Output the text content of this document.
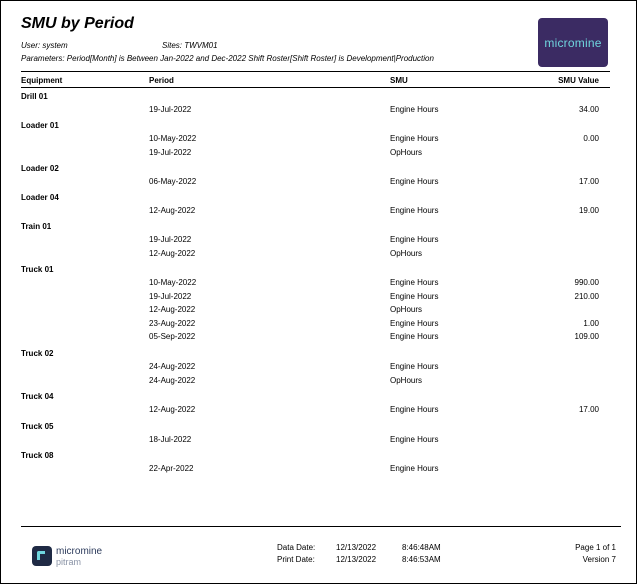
SMU by Period
User: system	Sites: TWVM01
Parameters: Period[Month] is Between Jan-2022 and Dec-2022 Shift Roster[Shift Roster] is Development|Production
micromine
Equipment	Period	SMU	SMU Value
Drill 01
19-Jul-2022	Engine Hours	34.00
Loader 01
10-May-2022	Engine Hours	0.00
19-Jul-2022	OpHours
Loader 02
06-May-2022	Engine Hours	17.00
Loader 04
12-Aug-2022	Engine Hours	19.00
Train 01
19-Jul-2022	Engine Hours
12-Aug-2022	OpHours
Truck 01
10-May-2022	Engine Hours	990.00
19-Jul-2022	Engine Hours	210.00
12-Aug-2022	OpHours
23-Aug-2022	Engine Hours	1.00
05-Sep-2022	Engine Hours	109.00
Truck 02
24-Aug-2022	Engine Hours
24-Aug-2022	OpHours
Truck 04
12-Aug-2022	Engine Hours	17.00
Truck 05
18-Jul-2022	Engine Hours
Truck 08
22-Apr-2022	Engine Hours
micromine
pitram
Data Date:	12/13/2022	8:46:48AM
Print Date:	12/13/2022	8:46:53AM
Page 1 of 1
Version 7
